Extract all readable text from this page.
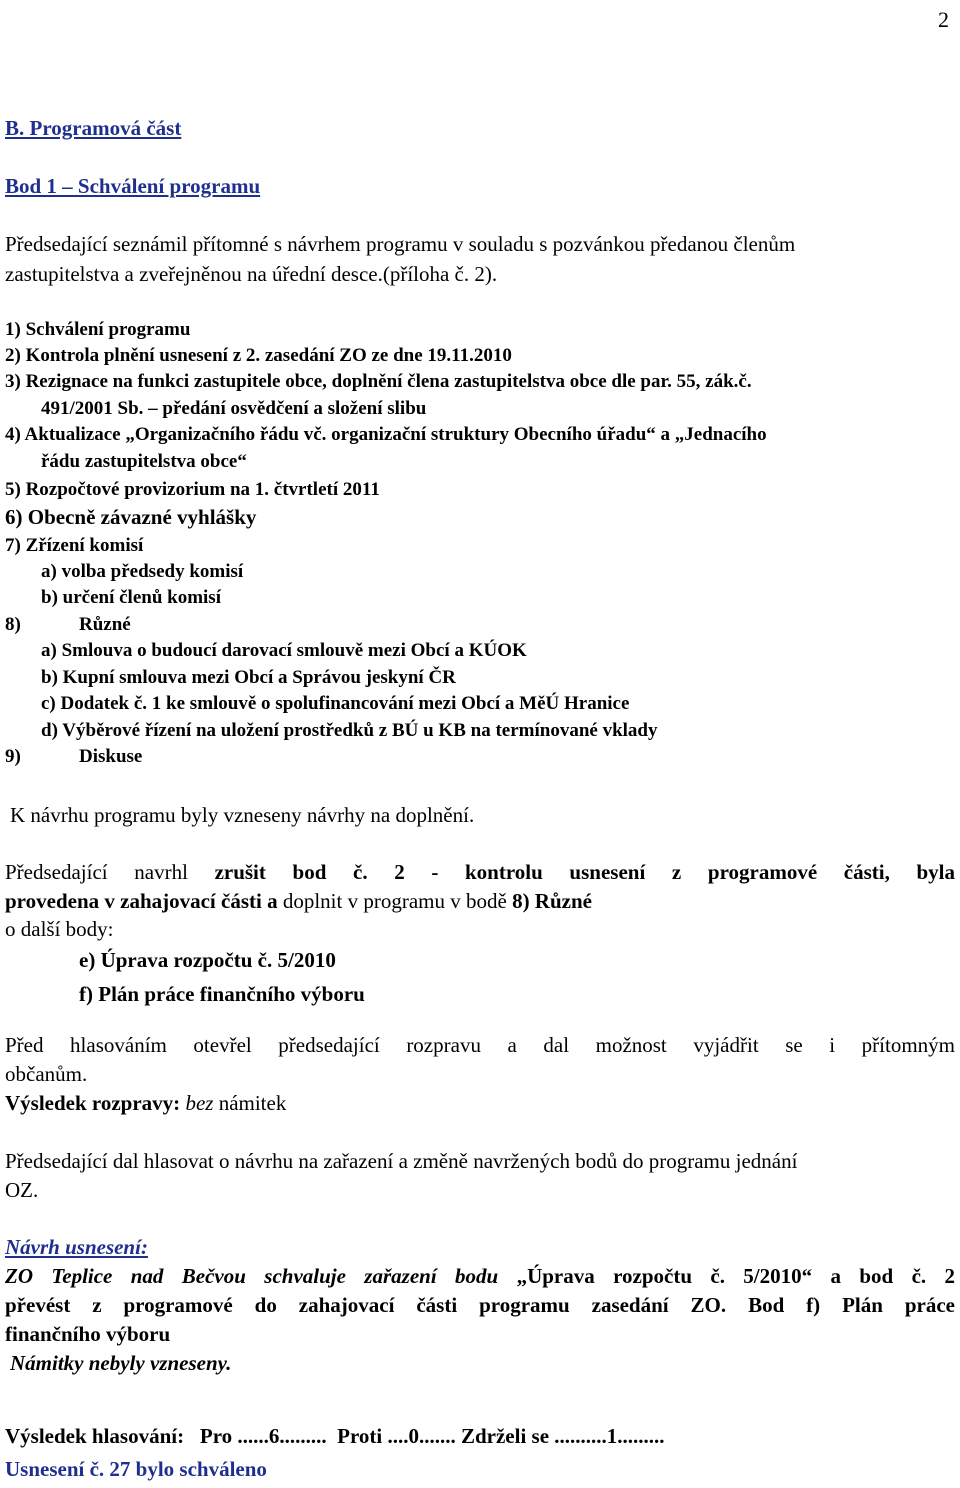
2
B. Programová část
Bod 1 – Schválení programu
Předsedající seznámil přítomné s návrhem programu v souladu s pozvánkou předanou členům
zastupitelstva a zveřejněnou na úřední desce.(příloha č. 2).
1) Schválení programu
2) Kontrola plnění usnesení z 2. zasedání ZO ze dne 19.11.2010
3) Rezignace na funkci zastupitele obce, doplnění člena zastupitelstva obce dle par. 55, zák.č.
491/2001 Sb. – předání osvědčení a složení slibu
4) Aktualizace „Organizačního řádu vč. organizační struktury Obecního úřadu“ a „Jednacího
řádu zastupitelstva obce“
5) Rozpočtové provizorium na 1. čtvrtletí 2011
6) Obecně závazné vyhlášky
7) Zřízení komisí
a) volba předsedy komisí
b) určení členů komisí
8)	Různé
a) Smlouva o budoucí darovací smlouvě mezi Obcí a KÚOK
b) Kupní smlouva mezi Obcí a Správou jeskyní ČR
c) Dodatek č. 1 ke smlouvě o spolufinancování mezi Obcí a MěÚ Hranice
d) Výběrové řízení na uložení prostředků z BÚ u KB na termínované vklady
9)	Diskuse
K návrhu programu byly vzneseny návrhy na doplnění.
Předsedající navrhl zrušit bod č. 2 - kontrolu usnesení z programové části, byla
provedena v zahajovací části a doplnit v programu v bodě 8) Různé
o další body:
e) Úprava rozpočtu č. 5/2010
f) Plán práce finančního výboru
Před hlasováním otevřel předsedající rozpravu a dal možnost vyjádřit se i přítomným
občanům.
Výsledek rozpravy: bez námitek
Předsedající dal hlasovat o návrhu na zařazení a změně navržených bodů do programu jednání
OZ.
Návrh usnesení:
ZO Teplice nad Bečvou schvaluje zařazení bodu „Úprava rozpočtu č. 5/2010“ a bod č. 2
převést z programové do zahajovací části programu zasedání ZO. Bod f) Plán práce
finančního výboru
Námitky nebyly vzneseny.
Výsledek hlasování:   Pro ......6.........  Proti ....0....... Zdrželi se ..........1.........
Usnesení č. 27 bylo schváleno
